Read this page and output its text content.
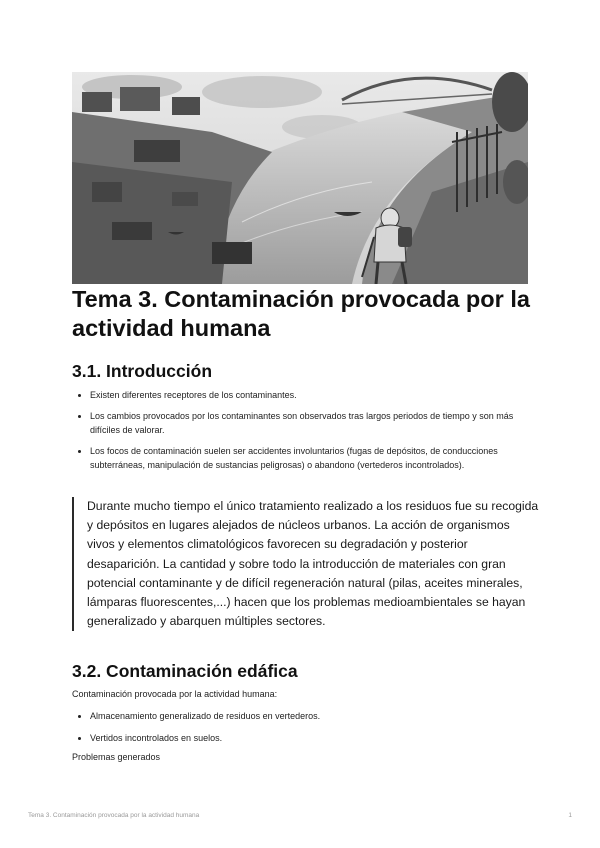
Tema 3. Contaminación provocada por la actividad humana
3.1. Introducción
Existen diferentes receptores de los contaminantes.
Los cambios provocados por los contaminantes son observados tras largos periodos de tiempo y son más difíciles de valorar.
Los focos de contaminación suelen ser accidentes involuntarios (fugas de depósitos, de conducciones subterráneas, manipulación de sustancias peligrosas) o abandono (vertederos incontrolados).
Durante mucho tiempo el único tratamiento realizado a los residuos fue su recogida y depósitos en lugares alejados de núcleos urbanos. La acción de organismos vivos y elementos climatológicos favorecen su degradación y posterior desaparición. La cantidad y sobre todo la introducción de materiales con gran potencial contaminante y de difícil regeneración natural (pilas, aceites minerales, lámparas fluorescentes,...) hacen que los problemas medioambientales se hayan generalizado y abarquen múltiples sectores.
3.2. Contaminación edáfica

Contaminación provocada por la actividad humana:

Almacenamiento generalizado de residuos en vertederos.
Vertidos incontrolados en suelos.

Problemas generados

Tema 3. Contaminación provocada por la actividad humana	1
